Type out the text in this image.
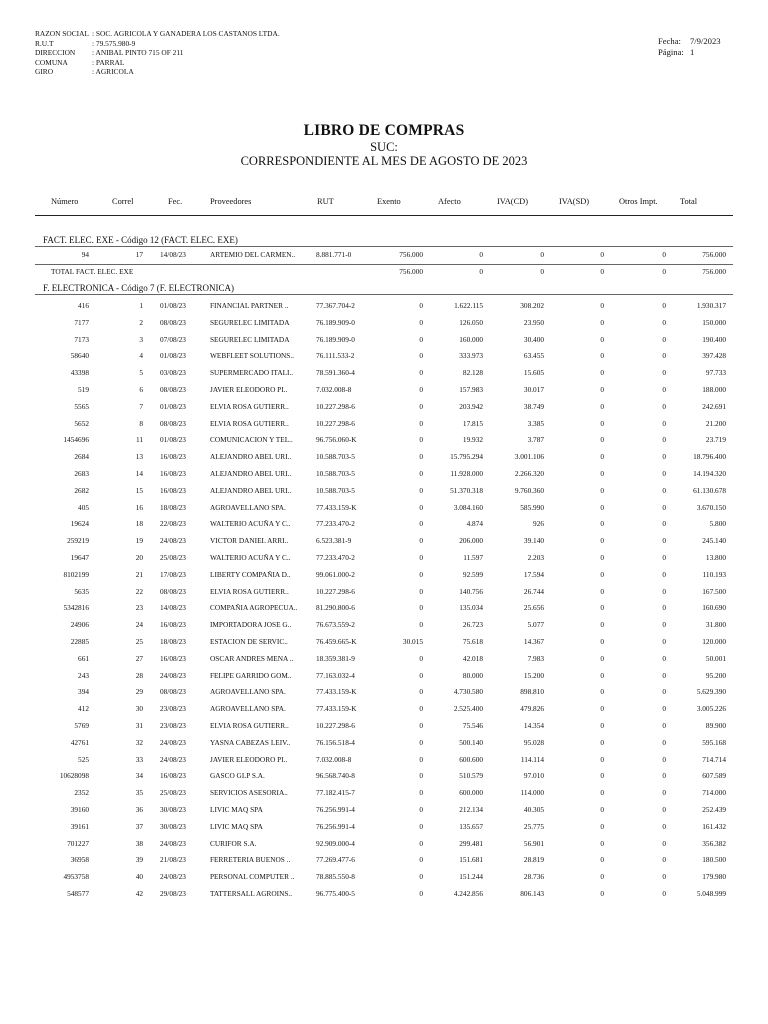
RAZON SOCIAL : SOC. AGRICOLA Y GANADERA LOS CASTANOS LTDA.
R.U.T	: 79.575.980-9
DIRECCION	: ANIBAL PINTO 715 OF 211
COMUNA	: PARRAL
GIRO	: AGRICOLA
Fecha:	7/9/2023
Página: 1
LIBRO DE COMPRAS
SUC:
CORRESPONDIENTE AL MES DE AGOSTO DE 2023
Número	Correl	Fec.	Proveedores	RUT	Exento	Afecto	IVA(CD)	IVA(SD)	Otros Impt.	Total
FACT. ELEC. EXE - Código 12 (FACT. ELEC. EXE)
94	17 14/08/23	ARTEMIO DEL CARMEN..	8.881.771-0	756.000	0	0	0	0	756.000
TOTAL FACT. ELEC. EXE	756.000	0	0	0	0	756.000
F. ELECTRONICA - Código 7 (F. ELECTRONICA)
416	1 01/08/23	FINANCIAL PARTNER ..	77.367.704-2	0	1.622.115	308.202	0	0	1.930.317
7177	2 08/08/23	SEGURELEC LIMITADA	76.189.909-0	0	126.050	23.950	0	0	150.000
7173	3 07/08/23	SEGURELEC LIMITADA	76.189.909-0	0	160.000	30.400	0	0	190.400
58640	4 01/08/23	WEBFLEET SOLUTIONS..	76.111.533-2	0	333.973	63.455	0	0	397.428
43398	5 03/08/23	SUPERMERCADO ITALI..	78.591.360-4	0	82.128	15.605	0	0	97.733
519	6 08/08/23	JAVIER ELEODORO PI..	7.032.008-8	0	157.983	30.017	0	0	188.000
5565	7 01/08/23	ELVIA ROSA GUTIERR..	10.227.298-6	0	203.942	38.749	0	0	242.691
5652	8 08/08/23	ELVIA ROSA GUTIERR..	10.227.298-6	0	17.815	3.385	0	0	21.200
1454696	11 01/08/23	COMUNICACION Y TEL..	96.756.060-K	0	19.932	3.787	0	0	23.719
2684	13 16/08/23	ALEJANDRO ABEL URI..	10.588.703-5	0	15.795.294	3.001.106	0	0	18.796.400
2683	14 16/08/23	ALEJANDRO ABEL URI..	10.588.703-5	0	11.928.000	2.266.320	0	0	14.194.320
2682	15 16/08/23	ALEJANDRO ABEL URI..	10.588.703-5	0	51.370.318	9.760.360	0	0	61.130.678
405	16 18/08/23	AGROAVELLANO SPA.	77.433.159-K	0	3.084.160	585.990	0	0	3.670.150
19624	18 22/08/23	WALTERIO ACUÑA Y C..	77.233.470-2	0	4.874	926	0	0	5.800
259219	19 24/08/23	VICTOR DANIEL ARRI..	6.523.381-9	0	206.000	39.140	0	0	245.140
19647	20 25/08/23	WALTERIO ACUÑA Y C..	77.233.470-2	0	11.597	2.203	0	0	13.800
8102199	21 17/08/23	LIBERTY COMPAÑIA D..	99.061.000-2	0	92.599	17.594	0	0	110.193
5635	22 08/08/23	ELVIA ROSA GUTIERR..	10.227.298-6	0	140.756	26.744	0	0	167.500
5342816	23 14/08/23	COMPAÑIA AGROPECUA..	81.290.800-6	0	135.034	25.656	0	0	160.690
24906	24 16/08/23	IMPORTADORA JOSE G..	76.673.559-2	0	26.723	5.077	0	0	31.800
22885	25 18/08/23	ESTACION DE SERVIC..	76.459.665-K	30.015	75.618	14.367	0	0	120.000
661	27 16/08/23	OSCAR ANDRES MENA ..	18.359.381-9	0	42.018	7.983	0	0	50.001
243	28 24/08/23	FELIPE GARRIDO GOM..	77.163.032-4	0	80.000	15.200	0	0	95.200
394	29 08/08/23	AGROAVELLANO SPA.	77.433.159-K	0	4.730.580	898.810	0	0	5.629.390
412	30 23/08/23	AGROAVELLANO SPA.	77.433.159-K	0	2.525.400	479.826	0	0	3.005.226
5769	31 23/08/23	ELVIA ROSA GUTIERR..	10.227.298-6	0	75.546	14.354	0	0	89.900
42761	32 24/08/23	YASNA CABEZAS LEIV..	76.156.518-4	0	500.140	95.028	0	0	595.168
525	33 24/08/23	JAVIER ELEODORO PI..	7.032.008-8	0	600.600	114.114	0	0	714.714
10628098	34 16/08/23	GASCO GLP S.A.	96.568.740-8	0	510.579	97.010	0	0	607.589
2352	35 25/08/23	SERVICIOS ASESORIA..	77.182.415-7	0	600.000	114.000	0	0	714.000
39160	36 30/08/23	LIVIC MAQ SPA	76.256.991-4	0	212.134	40.305	0	0	252.439
39161	37 30/08/23	LIVIC MAQ SPA	76.256.991-4	0	135.657	25.775	0	0	161.432
701227	38 24/08/23	CURIFOR S.A.	92.909.000-4	0	299.481	56.901	0	0	356.382
36958	39 21/08/23	FERRETERIA BUENOS ..	77.269.477-6	0	151.681	28.819	0	0	180.500
4953758	40 24/08/23	PERSONAL COMPUTER ..	78.885.550-8	0	151.244	28.736	0	0	179.980
548577	42 29/08/23	TATTERSALL AGROINS..	96.775.400-5	0	4.242.856	806.143	0	0	5.048.999
